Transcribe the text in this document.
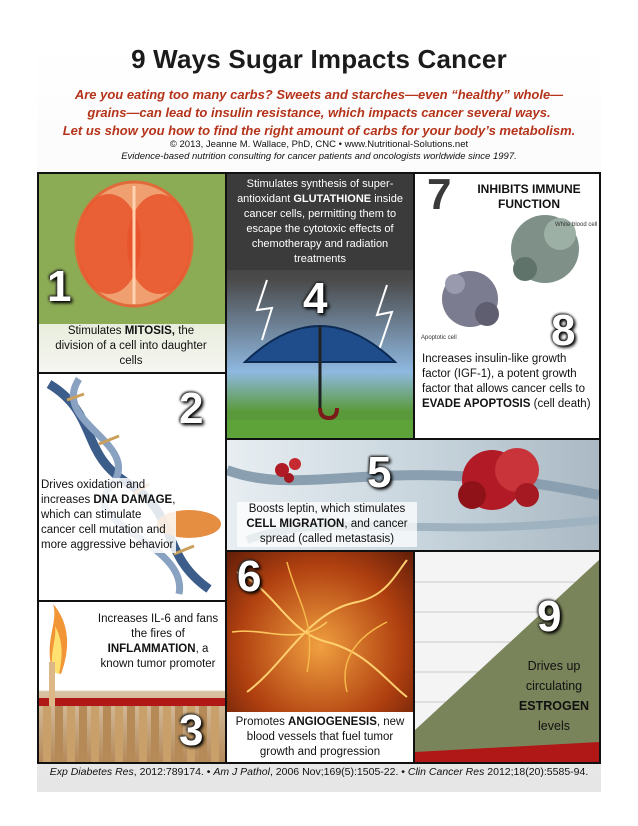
9 Ways Sugar Impacts Cancer
Are you eating too many carbs? Sweets and starches—even “healthy” whole—
grains—can lead to insulin resistance, which impacts cancer several ways.
Let us show you how to find the right amount of carbs for your body’s metabolism.
© 2013, Jeanne M. Wallace, PhD, CNC • www.Nutritional-Solutions.net
Evidence-based nutrition consulting for cancer patients and oncologists worldwide since 1997.
1
Stimulates MITOSIS, the division of a cell into daughter cells
Stimulates synthesis of super-antioxidant GLUTATHIONE inside cancer cells, permitting them to escape the cytotoxic effects of chemotherapy and radiation treatments
4
White blood cell
Apoptotic cell
7	INHIBITS IMMUNE FUNCTION
8
Increases insulin-like growth factor (IGF-1), a potent growth factor that allows cancer cells to EVADE APOPTOSIS (cell death)
2
Drives oxidation and increases DNA DAMAGE, which can stimulate cancer cell mutation and more aggressive behavior
5
Boosts leptin, which stimulates CELL MIGRATION, and cancer spread (called metastasis)
6
Promotes ANGIOGENESIS, new blood vessels that fuel tumor growth and progression
Increases IL-6 and fans the fires of INFLAMMATION, a known tumor promoter
3
9
Drives up circulating ESTROGEN levels
Exp Diabetes Res, 2012:789174. • Am J Pathol, 2006 Nov;169(5):1505-22. • Clin Cancer Res 2012;18(20):5585-94.
